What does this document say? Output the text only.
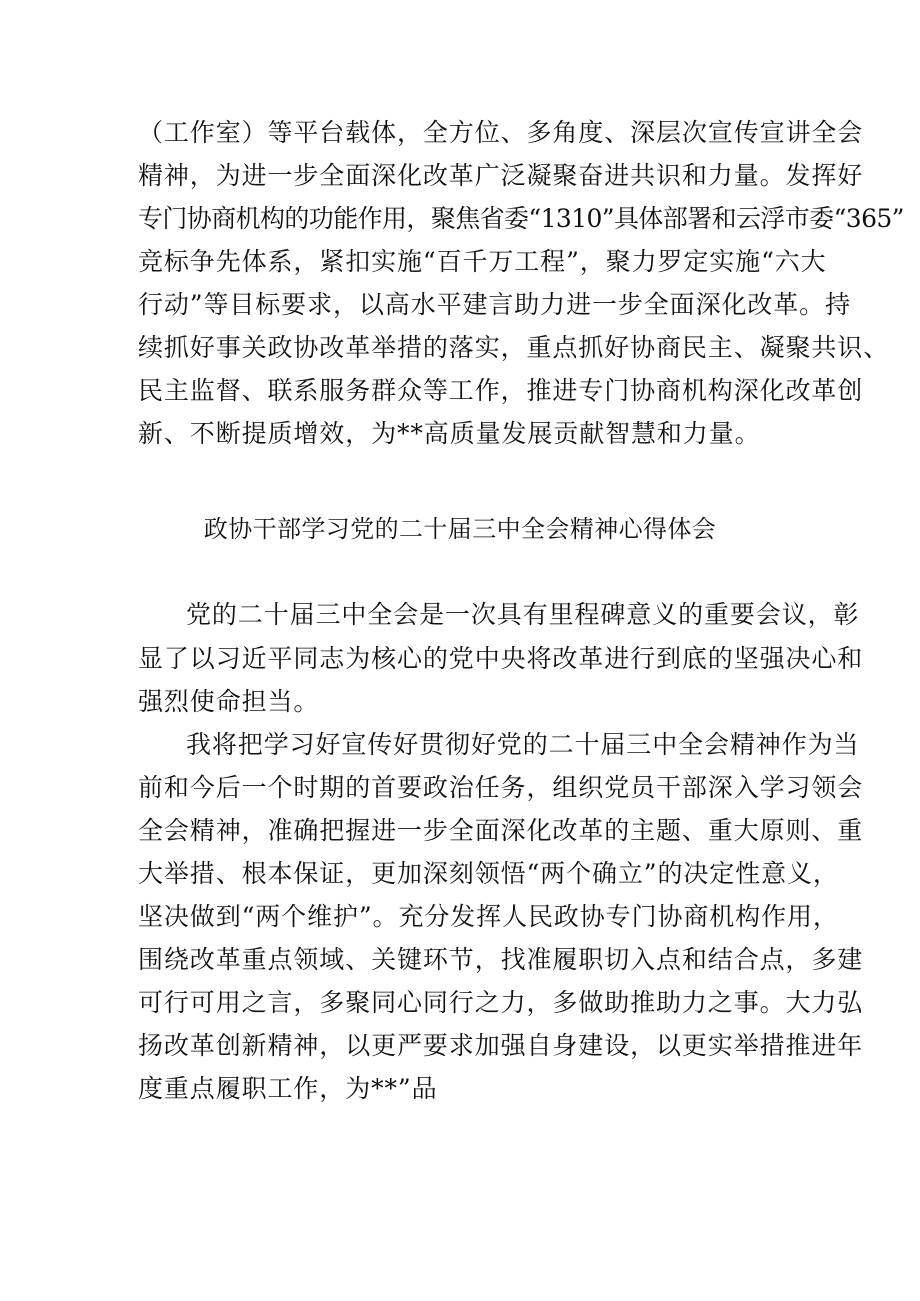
（工作室）等平台载体，全方位、多角度、深层次宣传宣讲全会
精神，为进一步全面深化改革广泛凝聚奋进共识和力量。发挥好
专门协商机构的功能作用，聚焦省委“1310”具体部署和云浮市委“365”
竞标争先体系，紧扣实施“百千万工程”，聚力罗定实施“六大
行动”等目标要求，以高水平建言助力进一步全面深化改革。持
续抓好事关政协改革举措的落实，重点抓好协商民主、凝聚共识、
民主监督、联系服务群众等工作，推进专门协商机构深化改革创
新、不断提质增效，为**高质量发展贡献智慧和力量。
政协干部学习党的二十届三中全会精神心得体会
党的二十届三中全会是一次具有里程碑意义的重要会议，彰
显了以习近平同志为核心的党中央将改革进行到底的坚强决心和
强烈使命担当。
我将把学习好宣传好贯彻好党的二十届三中全会精神作为当
前和今后一个时期的首要政治任务，组织党员干部深入学习领会
全会精神，准确把握进一步全面深化改革的主题、重大原则、重
大举措、根本保证，更加深刻领悟“两个确立”的决定性意义，
坚决做到“两个维护”。充分发挥人民政协专门协商机构作用，
围绕改革重点领域、关键环节，找准履职切入点和结合点，多建
可行可用之言，多聚同心同行之力，多做助推助力之事。大力弘
扬改革创新精神，以更严要求加强自身建设，以更实举措推进年
度重点履职工作，为**”品
